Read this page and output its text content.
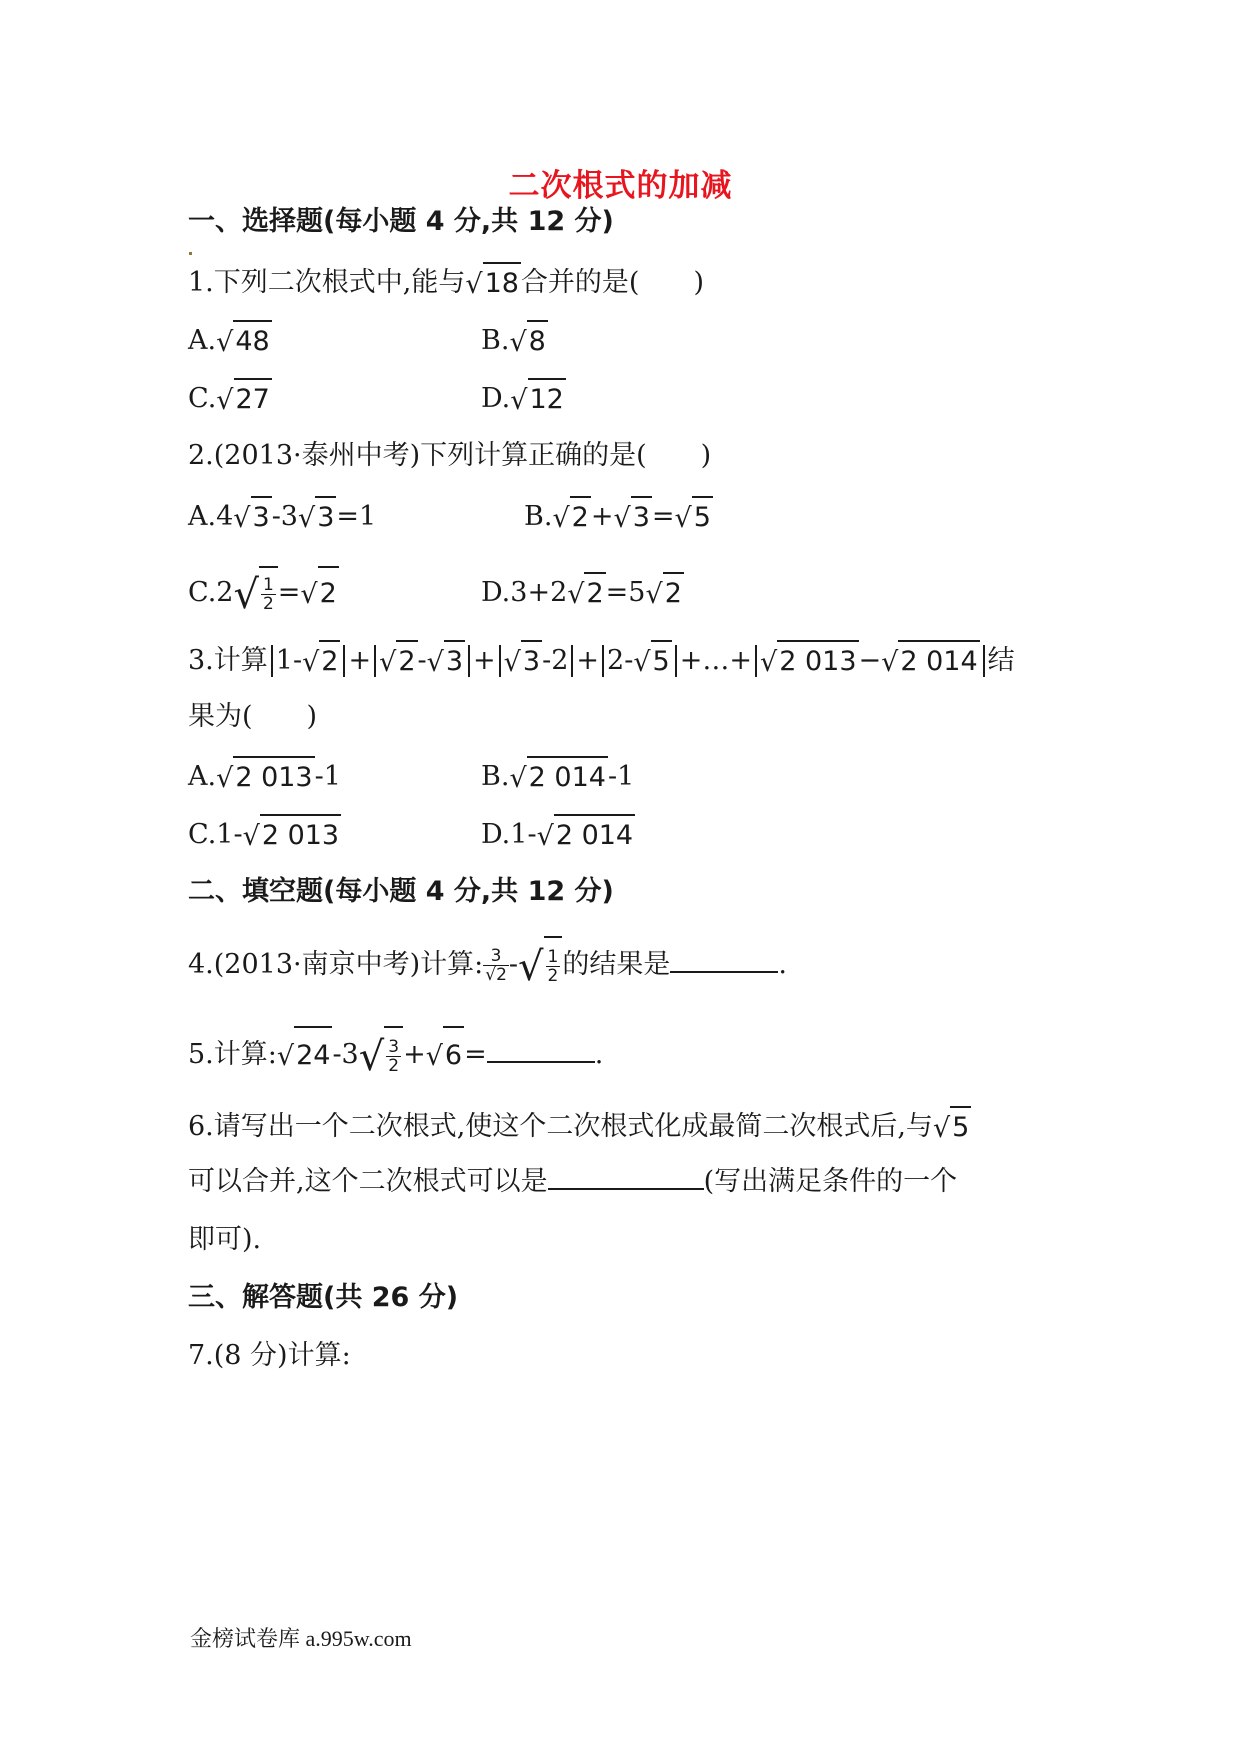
二次根式的加减
一、选择题(每小题 4 分,共 12 分)
1.下列二次根式中,能与√18合并的是(　　)
A.√48	B.√8
C.√27	D.√12
2.(2013·泰州中考)下列计算正确的是(　　)
A.4√3-3√3=1	B.√2+√3=√5
$C.2√ \frac{1}{2} =√2$	D.3+2√2=5√2
3.计算 1-√2 + √2-√3 + √3-2 + 2-√5 +…+ √2 013−√2 014 结
果为(　　)
A.√2 013-1	B.√2 014-1
C.1-√2 013	D.1-√2 014
二、填空题(每小题 4 分,共 12 分)
4.(2013·南京中考)计算: $\frac{3}{√2}$ -√ $\frac{1}{2}$ 的结果是	.
5.计算:√24-3√ $\frac{3}{2} +√6=$	.
6.请写出一个二次根式,使这个二次根式化成最简二次根式后,与√5
可以合并,这个二次根式可以是	(写出满足条件的一个
即可).
三、解答题(共 26 分)
7.(8 分)计算:
金榜试卷库 a.995w.com
